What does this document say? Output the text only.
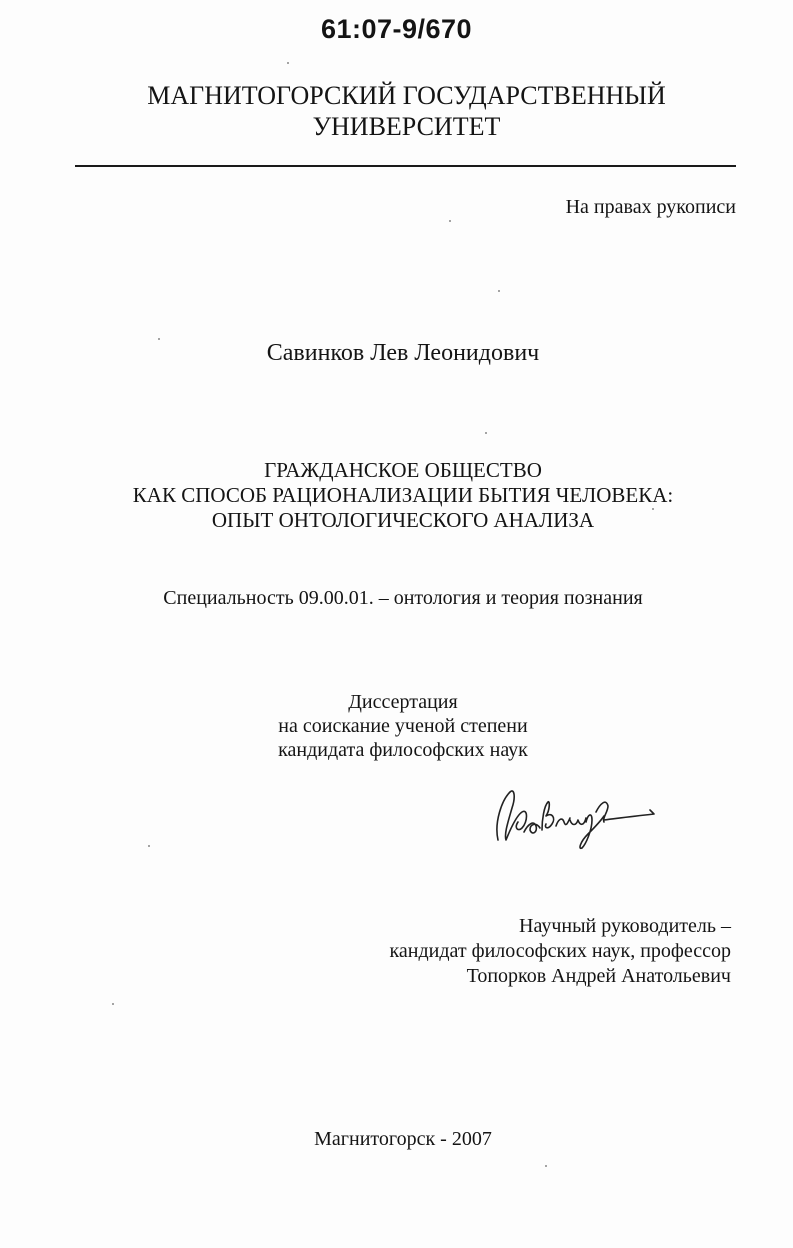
61:07-9/670
МАГНИТОГОРСКИЙ ГОСУДАРСТВЕННЫЙ
УНИВЕРСИТЕТ
На правах рукописи
Савинков Лев Леонидович
ГРАЖДАНСКОЕ ОБЩЕСТВО
КАК СПОСОБ РАЦИОНАЛИЗАЦИИ БЫТИЯ ЧЕЛОВЕКА:
ОПЫТ ОНТОЛОГИЧЕСКОГО АНАЛИЗА
Специальность 09.00.01. – онтология и теория познания
Диссертация
на соискание ученой степени
кандидата философских наук
Научный руководитель –
кандидат философских наук, профессор
Топорков Андрей Анатольевич
Магнитогорск - 2007
